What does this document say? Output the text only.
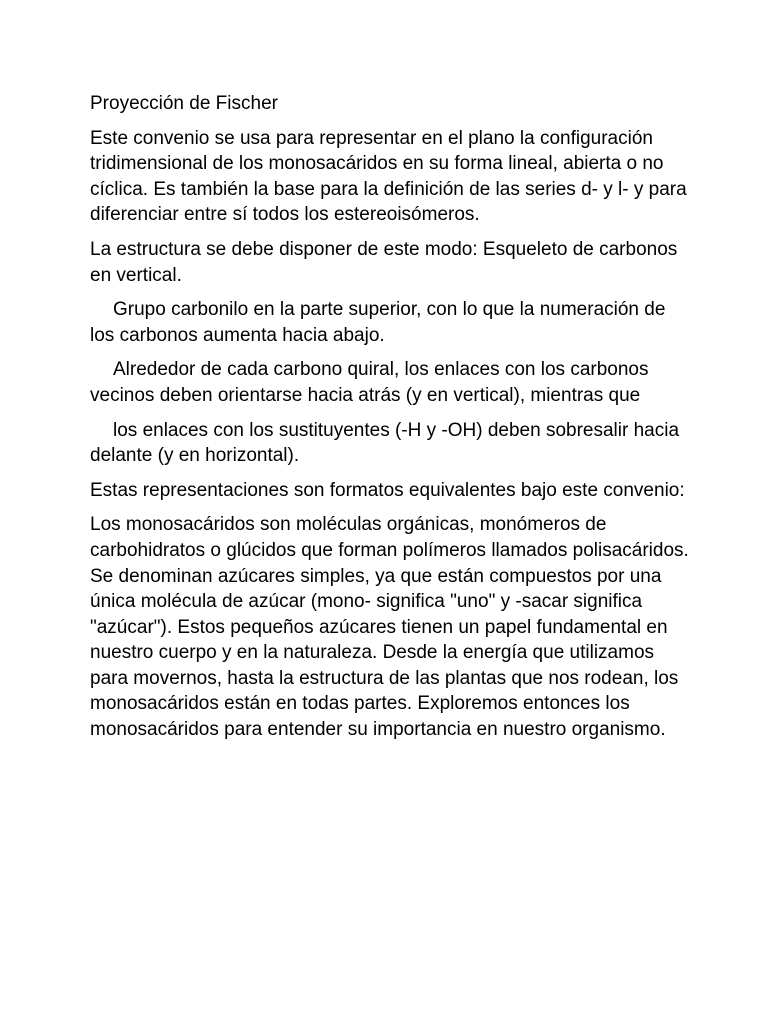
Proyección de Fischer

Este convenio se usa para representar en el plano la configuración tridimensional de los monosacáridos en su forma lineal, abierta o no cíclica. Es también la base para la definición de las series d- y l- y para diferenciar entre sí todos los estereoisómeros.

La estructura se debe disponer de este modo: Esqueleto de carbonos en vertical.

Grupo carbonilo en la parte superior, con lo que la numeración de los carbonos aumenta hacia abajo.

Alrededor de cada carbono quiral, los enlaces con los carbonos vecinos deben orientarse hacia atrás (y en vertical), mientras que

los enlaces con los sustituyentes (-H y -OH) deben sobresalir hacia delante (y en horizontal).

Estas representaciones son formatos equivalentes bajo este convenio:

Los monosacáridos son moléculas orgánicas, monómeros de carbohidratos o glúcidos que forman polímeros llamados polisacáridos. Se denominan azúcares simples, ya que están compuestos por una única molécula de azúcar (mono- significa "uno" y -sacar significa "azúcar"). Estos pequeños azúcares tienen un papel fundamental en nuestro cuerpo y en la naturaleza. Desde la energía que utilizamos para movernos, hasta la estructura de las plantas que nos rodean, los monosacáridos están en todas partes. Exploremos entonces los monosacáridos para entender su importancia en nuestro organismo.
